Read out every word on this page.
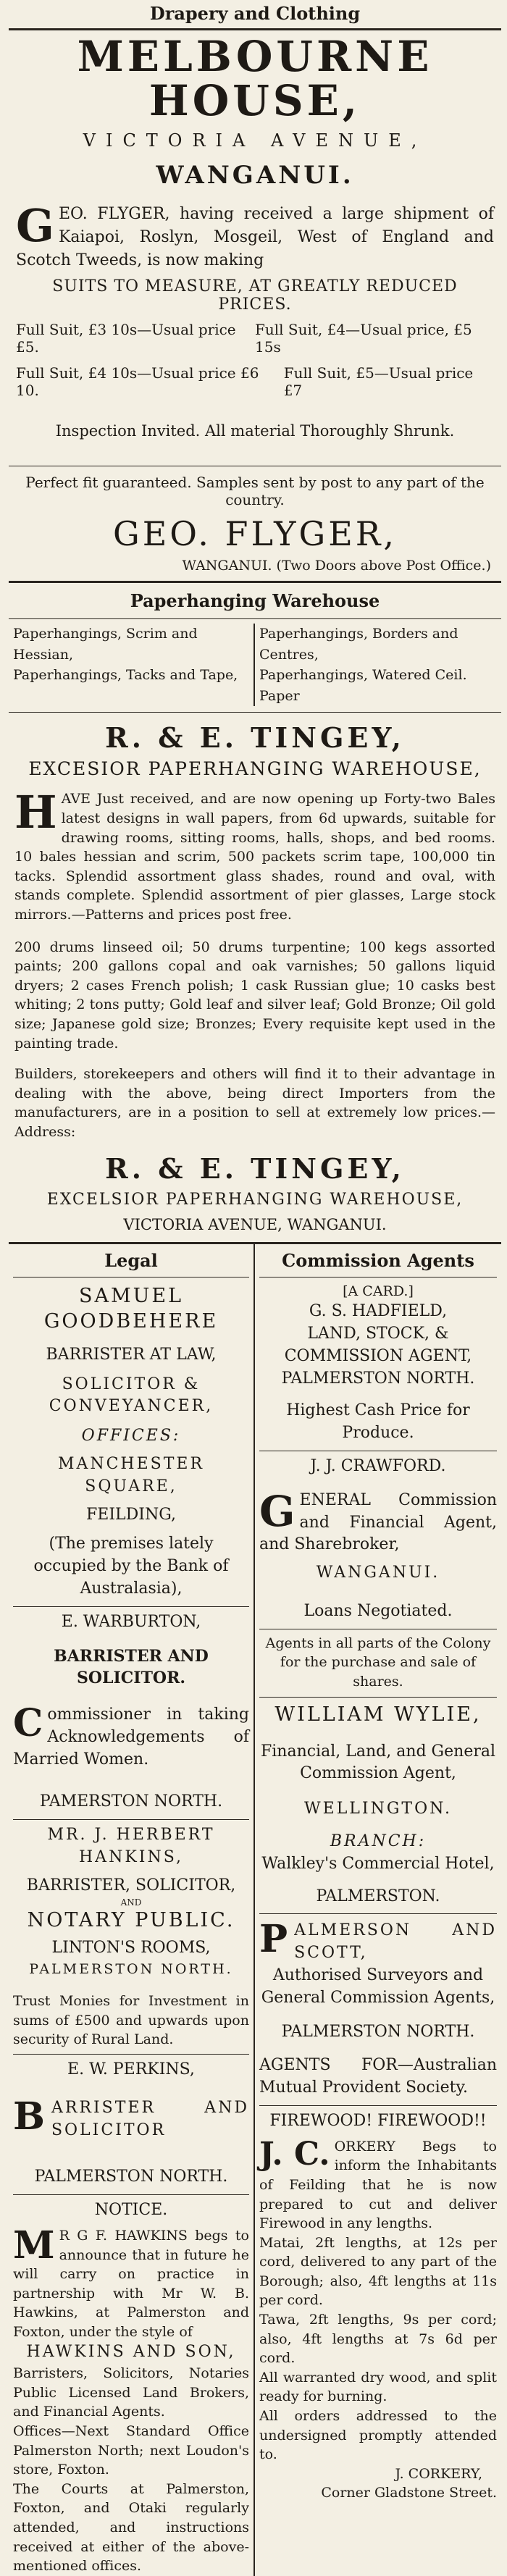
Drapery and Clothing
MELBOURNE HOUSE,
VICTORIA AVENUE,
WANGANUI.

GEO. FLYGER, having received a large shipment of Kaiapoi, Roslyn, Mosgeil, West of England and Scotch Tweeds, is now making

SUITS TO MEASURE, AT GREATLY REDUCED PRICES.
Full Suit, £3 10s—Usual price £5.
Full Suit, £4—Usual price, £5 15s
Full Suit, £4 10s—Usual price £6 10.
Full Suit, £5—Usual price £7
Inspection Invited. All material Thoroughly Shrunk.
Perfect fit guaranteed. Samples sent by post to any part of the country.
GEO. FLYGER,
WANGANUI. (Two Doors above Post Office.)
Paperhanging Warehouse
Paperhangings, Scrim and Hessian,
Paperhangings, Tacks and Tape,
Paperhangings, Borders and Centres,
Paperhangings, Watered Ceil. Paper
R. & E. TINGEY,
EXCESIOR PAPERHANGING WAREHOUSE,

HAVE Just received, and are now opening up Forty-two Bales latest designs in wall papers, from 6d upwards, suitable for drawing rooms, sitting rooms, halls, shops, and bed rooms. 10 bales hessian and scrim, 500 packets scrim tape, 100,000 tin tacks. Splendid assortment glass shades, round and oval, with stands complete. Splendid assortment of pier glasses, Large stock mirrors.—Patterns and prices post free.

200 drums linseed oil; 50 drums turpentine; 100 kegs assorted paints; 200 gallons copal and oak varnishes; 50 gallons liquid dryers; 2 cases French polish; 1 cask Russian glue; 10 casks best whiting; 2 tons putty; Gold leaf and silver leaf; Gold Bronze; Oil gold size; Japanese gold size; Bronzes; Every requisite kept used in the painting trade.

Builders, storekeepers and others will find it to their advantage in dealing with the above, being direct Importers from the manufacturers, are in a position to sell at extremely low prices.—Address:

R. & E. TINGEY,
EXCELSIOR PAPERHANGING WAREHOUSE,
VICTORIA AVENUE, WANGANUI.
Legal
SAMUEL GOODBEHERE
BARRISTER AT LAW,
SOLICITOR & CONVEYANCER,
OFFICES:
MANCHESTER SQUARE,
FEILDING,
(The premises lately occupied by the Bank of Australasia),
E. WARBURTON,
BARRISTER AND SOLICITOR.

Commissioner in taking Acknowledgements of Married Women.

PAMERSTON NORTH.
MR. J. HERBERT HANKINS,
BARRISTER, SOLICITOR,
AND
NOTARY PUBLIC.
LINTON'S ROOMS,
PALMERSTON NORTH.

Trust Monies for Investment in sums of £500 and upwards upon security of Rural Land.

E. W. PERKINS,

BARRISTER AND SOLICITOR

PALMERSTON NORTH.
NOTICE.

M R G F. HAWKINS begs to announce that in future he will carry on practice in partnership with Mr W. B. Hawkins, at Palmerston and Foxton, under the style of

HAWKINS AND SON,

Barristers, Solicitors, Notaries Public Licensed Land Brokers, and Financial Agents.

Offices—Next Standard Office Palmerston North; next Loudon's store, Foxton.

The Courts at Palmerston, Foxton, and Otaki regularly attended, and instructions received at either of the above-mentioned offices.

Commission Agents
[A CARD.]
G. S. HADFIELD,
LAND, STOCK, & COMMISSION AGENT,
PALMERSTON NORTH.
Highest Cash Price for Produce.
J. J. CRAWFORD.

GENERAL Commission and Financial Agent, and Sharebroker,

WANGANUI.
Loans Negotiated.
Agents in all parts of the Colony for the purchase and sale of shares.
WILLIAM WYLIE,

Financial, Land, and General Commission Agent,

WELLINGTON.
BRANCH:
Walkley's Commercial Hotel,
PALMERSTON.

PALMERSON AND SCOTT,

Authorised Surveyors and General Commission Agents,

PALMERSTON NORTH.

AGENTS FOR—Australian Mutual Provident Society.

FIREWOOD! FIREWOOD!!

J. C. ORKERY Begs to inform the Inhabitants of Feilding that he is now prepared to cut and deliver Firewood in any lengths.

Matai, 2ft lengths, at 12s per cord, delivered to any part of the Borough; also, 4ft lengths at 11s per cord.

Tawa, 2ft lengths, 9s per cord; also, 4ft lengths at 7s 6d per cord.

All warranted dry wood, and split ready for burning.

All orders addressed to the undersigned promptly attended to.

J. CORKERY,
Corner Gladstone Street.
